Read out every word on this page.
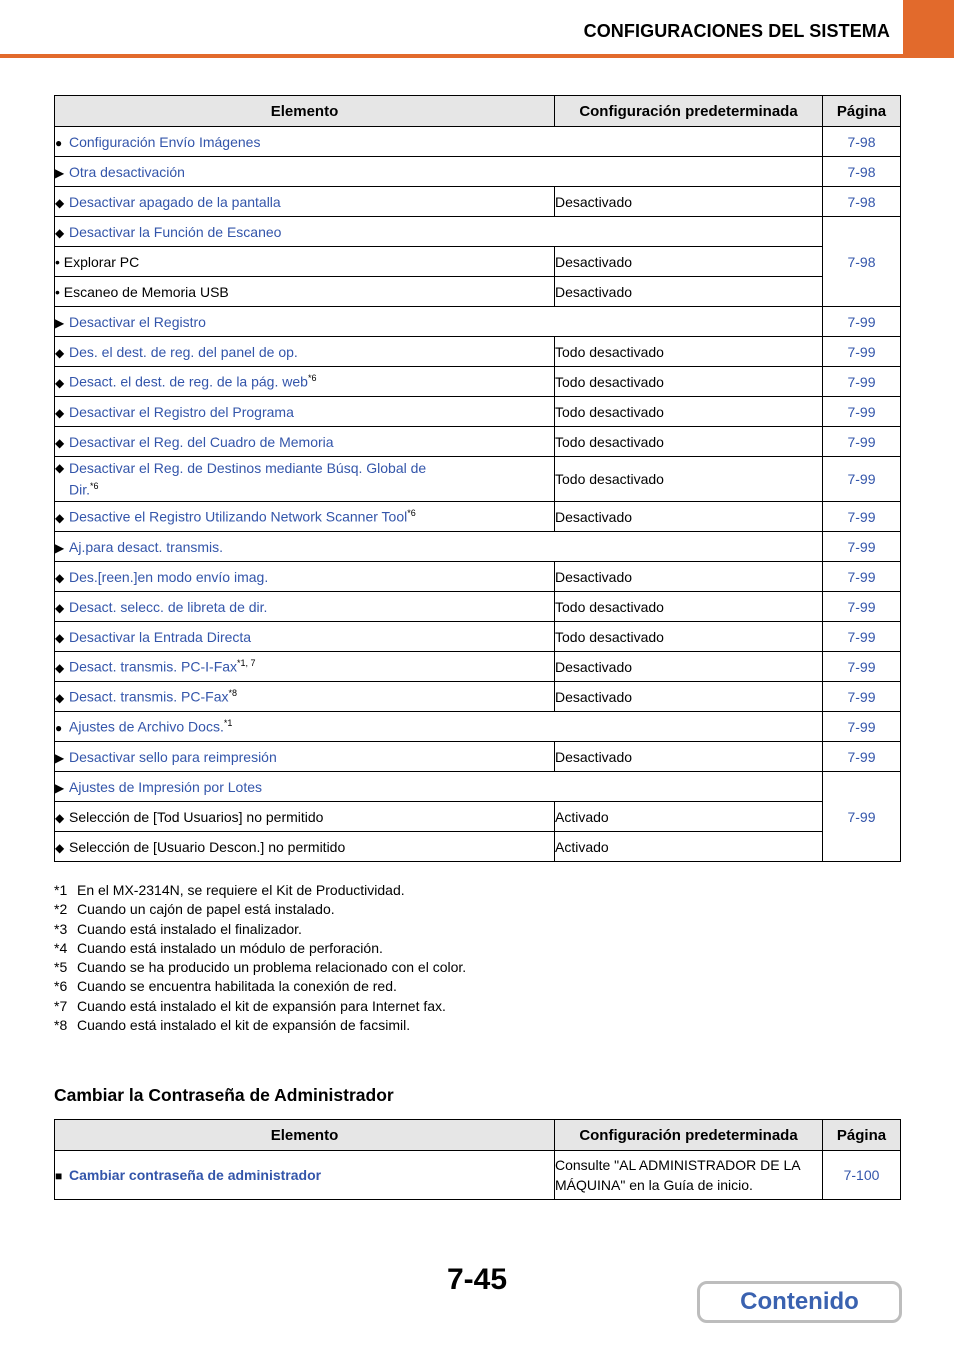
CONFIGURACIONES DEL SISTEMA
Elemento	Configuración predeterminada	Página
● Configuración Envío Imágenes		7-98
▶ Otra desactivación		7-98
◆ Desactivar apagado de la pantalla	Desactivado	7-98
◆ Desactivar la Función de Escaneo		7-98
• Explorar PC	Desactivado	
• Escaneo de Memoria USB	Desactivado	
▶ Desactivar el Registro		7-99
◆ Des. el dest. de reg. del panel de op.	Todo desactivado	7-99
◆ Desact. el dest. de reg. de la pág. web$^{*6}$	Todo desactivado	7-99
◆ Desactivar el Registro del Programa	Todo desactivado	7-99
◆ Desactivar el Reg. del Cuadro de Memoria	Todo desactivado	7-99
◆ Desactivar el Reg. de Destinos mediante Búsq. Global de Dir.$^{*6}$	Todo desactivado	7-99
◆ Desactive el Registro Utilizando Network Scanner Tool$^{*6}$	Desactivado	7-99
▶ Aj.para desact. transmis.		7-99
◆ Des.[reen.]en modo envío imag.	Desactivado	7-99
◆ Desact. selecc. de libreta de dir.	Todo desactivado	7-99
◆ Desactivar la Entrada Directa	Todo desactivado	7-99
◆ Desact. transmis. PC-I-Fax$^{*1, 7}$	Desactivado	7-99
◆ Desact. transmis. PC-Fax$^{*8}$	Desactivado	7-99
● Ajustes de Archivo Docs.$^{*1}$		7-99
▶ Desactivar sello para reimpresión	Desactivado	7-99
▶ Ajustes de Impresión por Lotes		7-99
◆ Selección de [Tod Usuarios] no permitido	Activado	
◆ Selección de [Usuario Descon.] no permitido	Activado	
*1 En el MX-2314N, se requiere el Kit de Productividad.
*2 Cuando un cajón de papel está instalado.
*3 Cuando está instalado el finalizador.
*4 Cuando está instalado un módulo de perforación.
*5 Cuando se ha producido un problema relacionado con el color.
*6 Cuando se encuentra habilitada la conexión de red.
*7 Cuando está instalado el kit de expansión para Internet fax.
*8 Cuando está instalado el kit de expansión de facsimil.
Cambiar la Contraseña de Administrador
Elemento	Configuración predeterminada	Página
■ Cambiar contraseña de administrador	Consulte "AL ADMINISTRADOR DE LA MÁQUINA" en la Guía de inicio.	7-100
7-45
Contenido
